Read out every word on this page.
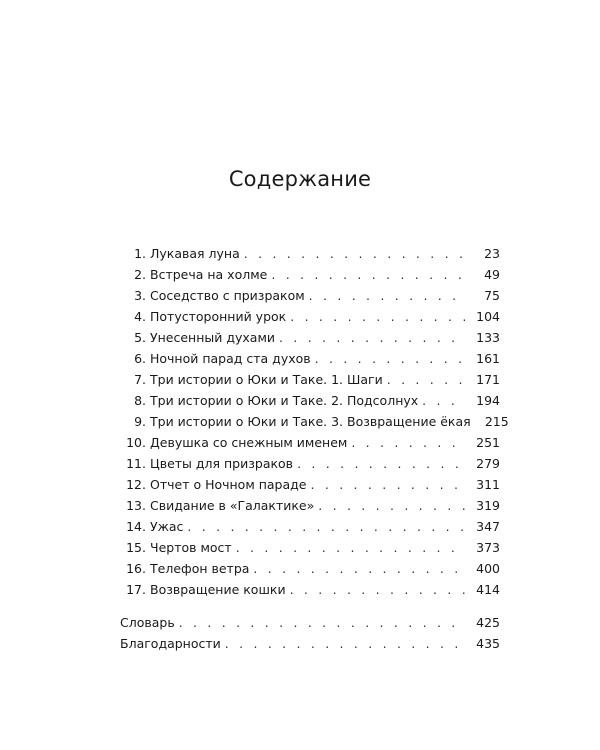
Содержание
1. Лукавая луна . . .	23
2. Встреча на холме . . .	49
3. Соседство с призраком . . .	75
4. Потусторонний урок . . .	104
5. Унесенный духами . . .	133
6. Ночной парад ста духов . . .	161
7. Три истории о Юки и Таке. 1. Шаги . . .	171
8. Три истории о Юки и Таке. 2. Подсолнух . . .	194
9. Три истории о Юки и Таке. 3. Возвращение ёкая	215
10. Девушка со снежным именем . . .	251
11. Цветы для призраков . . .	279
12. Отчет о Ночном параде . . .	311
13. Свидание в «Галактике» . . .	319
14. Ужас . . .	347
15. Чертов мост . . .	373
16. Телефон ветра . . .	400
17. Возвращение кошки . . .	414
Словарь . . .	425
Благодарности . . .	435
